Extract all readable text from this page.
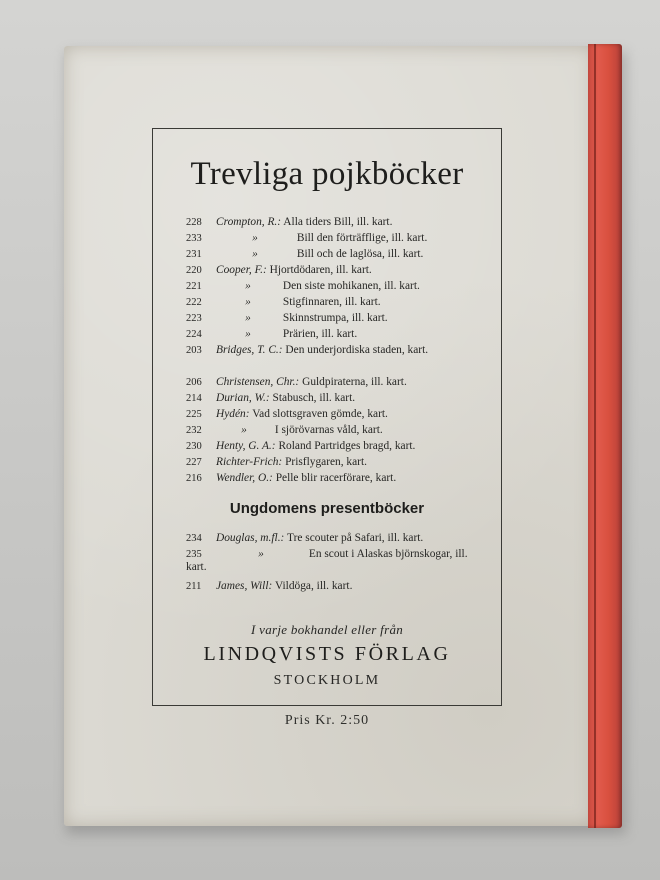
Trevliga pojkböcker
228 Crompton, R.: Alla tiders Bill, ill. kart.
233	»	Bill den förträfflige, ill. kart.
231	»	Bill och de laglösa, ill. kart.
220 Cooper, F.: Hjortdödaren, ill. kart.
221	»	Den siste mohikanen, ill. kart.
222	»	Stigfinnaren, ill. kart.
223	»	Skinnstrumpa, ill. kart.
224	»	Prärien, ill. kart.
203 Bridges, T. C.: Den underjordiska staden, kart.
206 Christensen, Chr.: Guldpiraterna, ill. kart.
214 Durian, W.: Stabusch, ill. kart.
225 Hydén: Vad slottsgraven gömde, kart.
232	» I sjörövarnas våld, kart.
230 Henty, G. A.: Roland Partridges bragd, kart.
227 Richter-Frich: Prisflygaren, kart.
216 Wendler, O.: Pelle blir racerförare, kart.
Ungdomens presentböcker
234 Douglas, m.fl.: Tre scouter på Safari, ill. kart.
235	»	En scout i Alaskas björnskogar, ill. kart.
211 James, Will: Vildöga, ill. kart.
I varje bokhandel eller från
LINDQVISTS FÖRLAG
STOCKHOLM
Pris Kr. 2:50
